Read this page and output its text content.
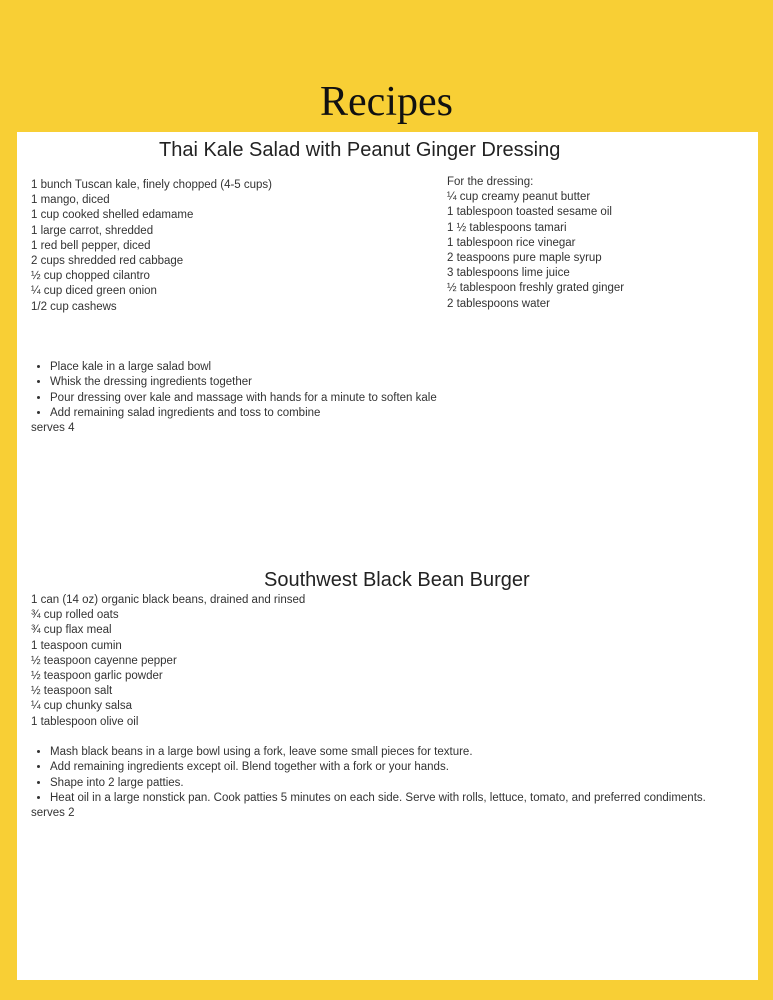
Recipes
Thai Kale Salad with Peanut Ginger Dressing
1 bunch Tuscan kale, finely chopped (4-5 cups)
1 mango, diced
1 cup cooked shelled edamame
1 large carrot, shredded
1 red bell pepper, diced
2 cups shredded red cabbage
½ cup chopped cilantro
¼ cup diced green onion
1/2 cup cashews
For the dressing:
¼ cup creamy peanut butter
1 tablespoon toasted sesame oil
1 ½ tablespoons tamari
1 tablespoon rice vinegar
2 teaspoons pure maple syrup
3 tablespoons lime juice
½ tablespoon freshly grated ginger
2 tablespoons water
• Place kale in a large salad bowl
• Whisk the dressing ingredients together
• Pour dressing over kale and massage with hands for a minute to soften kale
• Add remaining salad ingredients and toss to combine

serves 4

Southwest Black Bean Burger
1 can (14 oz) organic black beans, drained and rinsed
¾ cup rolled oats
¾ cup flax meal
1 teaspoon cumin
½ teaspoon cayenne pepper
½ teaspoon garlic powder
½ teaspoon salt
¼ cup chunky salsa
1 tablespoon olive oil
• Mash black beans in a large bowl using a fork, leave some small pieces for texture.
• Add remaining ingredients except oil. Blend together with a fork or your hands.
• Shape into 2 large patties.
• Heat oil in a large nonstick pan. Cook patties 5 minutes on each side. Serve with rolls, lettuce, tomato, and preferred condiments.

serves 2
